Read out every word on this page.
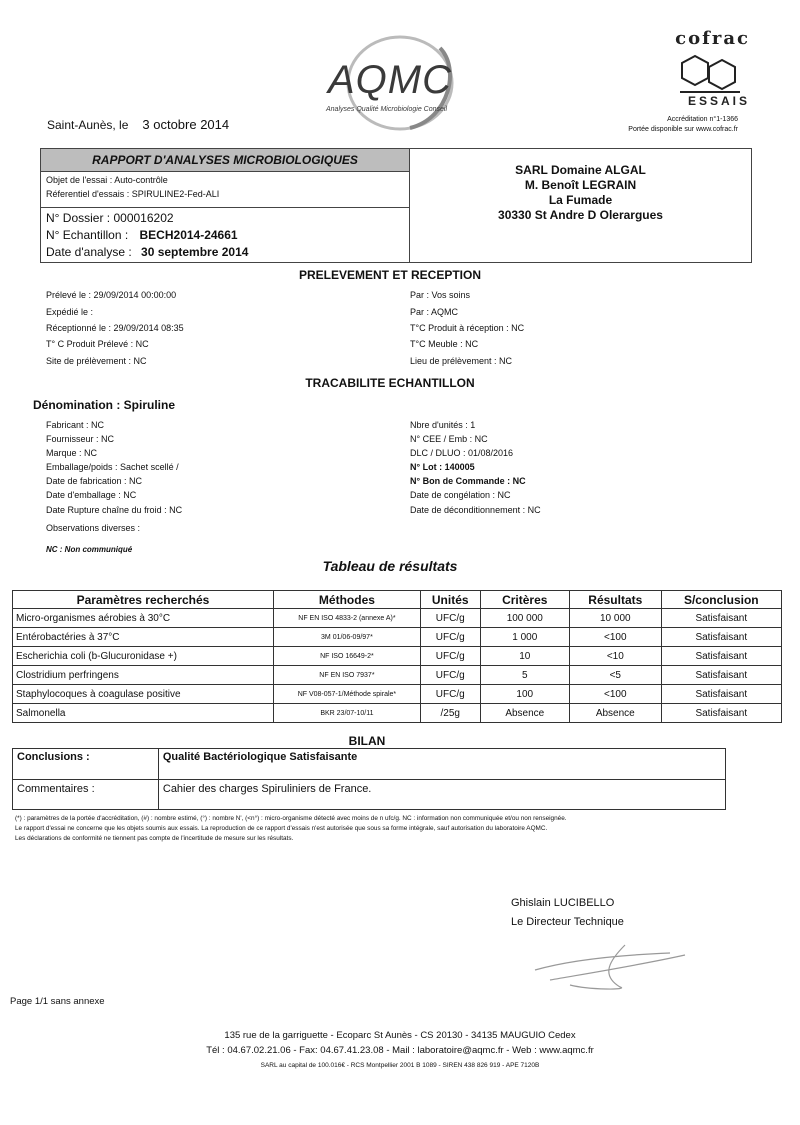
AQMC
Analyses Qualité Microbiologie Conseil
cofrac
ESSAIS
Accréditation n°1-1366
Portée disponible sur www.cofrac.fr
Saint-Aunès, le 3 octobre 2014
RAPPORT D'ANALYSES MICROBIOLOGIQUES
Objet de l'essai : Auto-contrôle
Réferentiel d'essais : SPIRULINE2-Fed-ALI
N° Dossier : 000016202
N° Echantillon : BECH2014-24661
Date d'analyse : 30 septembre 2014
SARL Domaine ALGAL
M. Benoît LEGRAIN
La Fumade
30330 St Andre D Olerargues
PRELEVEMENT ET RECEPTION
Prélevé le : 29/09/2014 00:00:00
Expédié le :
Réceptionné le : 29/09/2014 08:35
T° C Produit Prélevé : NC
Site de prélèvement : NC
Par : Vos soins
Par : AQMC
T°C Produit à réception : NC
T°C Meuble : NC
Lieu de prélèvement : NC
TRACABILITE ECHANTILLON
Dénomination : Spiruline
Fabricant : NC
Fournisseur : NC
Marque : NC
Emballage/poids : Sachet scellé /
Date de fabrication : NC
Date d'emballage : NC
Date Rupture chaîne du froid : NC
Nbre d'unités : 1
N° CEE / Emb : NC
DLC / DLUO : 01/08/2016
N° Lot : 140005
N° Bon de Commande : NC
Date de congélation : NC
Date de déconditionnement : NC
Observations diverses :
NC : Non communiqué
Tableau de résultats
Paramètres recherchés	Méthodes	Unités	Critères	Résultats	S/conclusion
Micro-organismes aérobies à 30°C	NF EN ISO 4833-2 (annexe A)*	UFC/g	100 000	10 000	Satisfaisant
Entérobactéries à 37°C	3M 01/06-09/97*	UFC/g	1 000	<100	Satisfaisant
Escherichia coli (b-Glucuronidase +)	NF ISO 16649-2*	UFC/g	10	<10	Satisfaisant
Clostridium perfringens	NF EN ISO 7937*	UFC/g	5	<5	Satisfaisant
Staphylocoques à coagulase positive	NF V08-057-1/Méthode spirale*	UFC/g	100	<100	Satisfaisant
Salmonella	BKR 23/07-10/11	/25g	Absence	Absence	Satisfaisant
BILAN
Conclusions :	Qualité Bactériologique Satisfaisante
Commentaires :	Cahier des charges Spiruliniers de France.
(*) : paramètres de la portée d'accréditation, (#) : nombre estimé, (°) : nombre N', (<n°) : micro-organisme détecté avec moins de n ufc/g. NC : information non communiquée et/ou non renseignée.
Le rapport d'essai ne concerne que les objets soumis aux essais. La reproduction de ce rapport d'essais n'est autorisée que sous sa forme intégrale, sauf autorisation du laboratoire AQMC.
Les déclarations de conformité ne tiennent pas compte de l'incertitude de mesure sur les résultats.
Ghislain LUCIBELLO
Le Directeur Technique
Page 1/1 sans annexe
135 rue de la garriguette - Ecoparc St Aunès - CS 20130 - 34135 MAUGUIO Cedex
Tél : 04.67.02.21.06 - Fax: 04.67.41.23.08 - Mail : laboratoire@aqmc.fr - Web : www.aqmc.fr
SARL au capital de 100.016€ - RCS Montpellier 2001 B 1089 - SIREN 438 826 919 - APE 7120B
